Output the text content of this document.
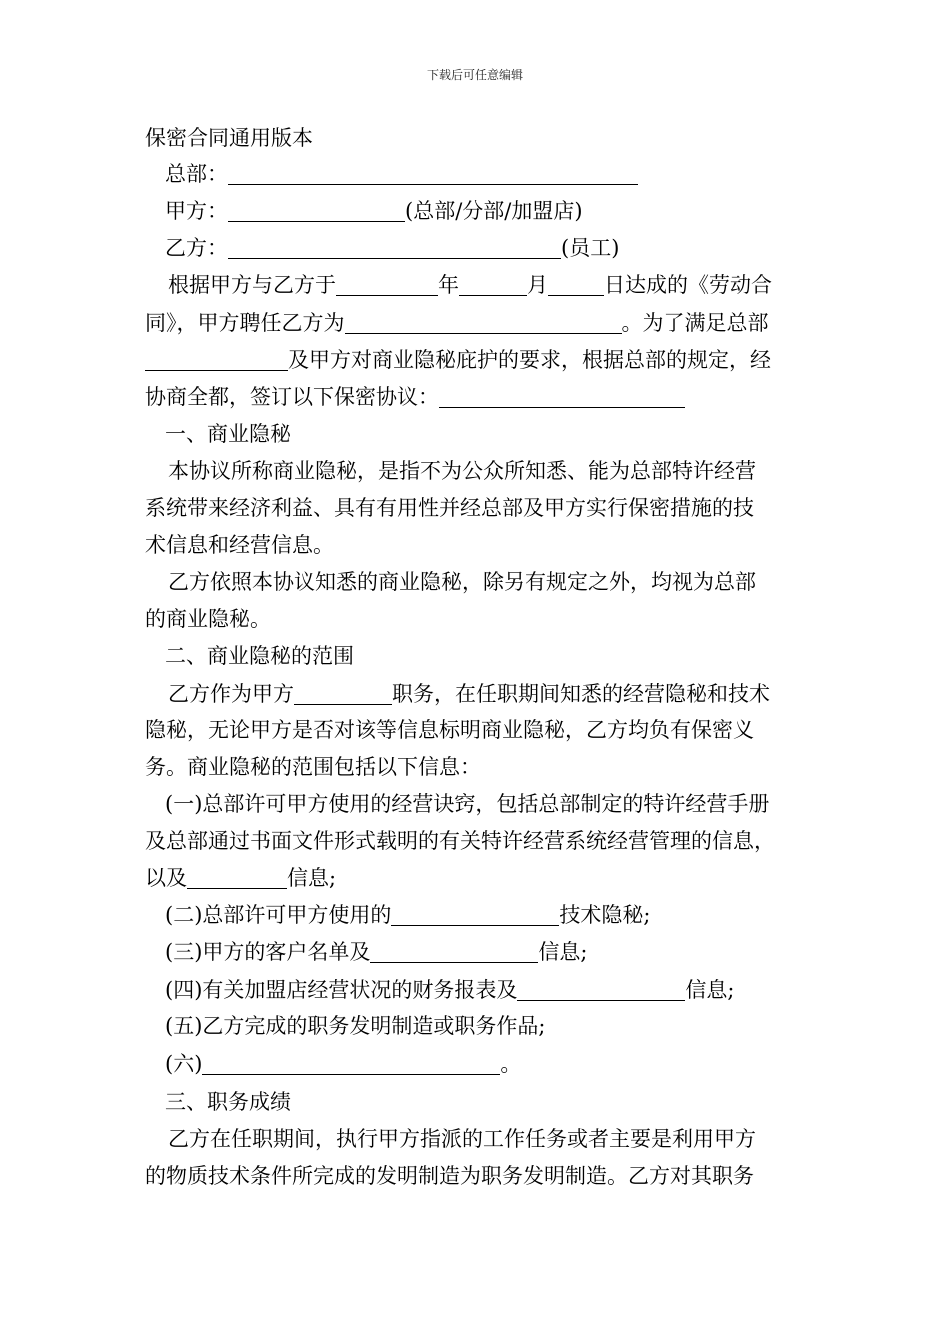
下载后可任意编辑
保密合同通用版本
总部：
甲方：	(总部/分部/加盟店)
乙方：	(员工)
根据甲方与乙方于	年	月	日达成的《劳动合
同》，甲方聘任乙方为	。为了满足总部
及甲方对商业隐秘庇护的要求，根据总部的规定，经
协商全都，签订以下保密协议：
一、商业隐秘
本协议所称商业隐秘，是指不为公众所知悉、能为总部特许经营
系统带来经济利益、具有有用性并经总部及甲方实行保密措施的技
术信息和经营信息。
乙方依照本协议知悉的商业隐秘，除另有规定之外，均视为总部
的商业隐秘。
二、商业隐秘的范围
乙方作为甲方	职务，在任职期间知悉的经营隐秘和技术
隐秘，无论甲方是否对该等信息标明商业隐秘，乙方均负有保密义
务。商业隐秘的范围包括以下信息：
(一)总部许可甲方使用的经营诀窍，包括总部制定的特许经营手册
及总部通过书面文件形式载明的有关特许经营系统经营管理的信息，
以及	信息;
(二)总部许可甲方使用的	技术隐秘;
(三)甲方的客户名单及	信息;
(四)有关加盟店经营状况的财务报表及	信息;
(五)乙方完成的职务发明制造或职务作品;
(六)	。
三、职务成绩
乙方在任职期间，执行甲方指派的工作任务或者主要是利用甲方
的物质技术条件所完成的发明制造为职务发明制造。乙方对其职务
